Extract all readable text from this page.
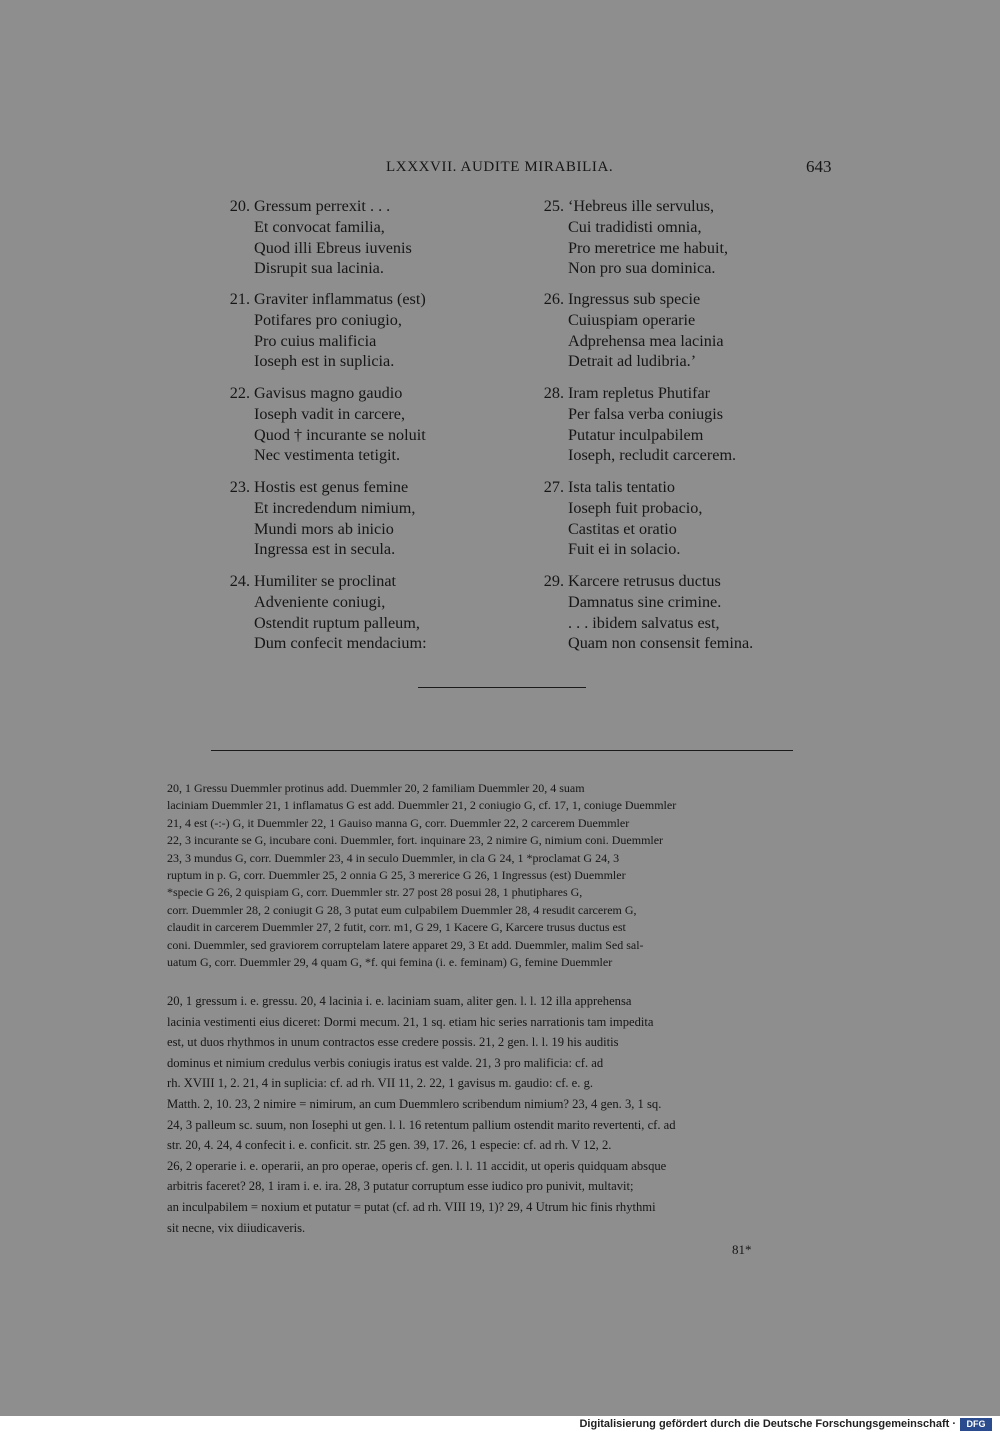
LXXXVII. AUDITE MIRABILIA.	643
20. Gressum perrexit . . .
Et convocat familia,
Quod illi Ebreus iuvenis
Disrupit sua lacinia.
21. Graviter inflammatus (est)
Potifares pro coniugio,
Pro cuius malificia
Ioseph est in suplicia.
22. Gavisus magno gaudio
Ioseph vadit in carcere,
Quod † incurante se noluit
Nec vestimenta tetigit.
23. Hostis est genus femine
Et incredendum nimium,
Mundi mors ab inicio
Ingressa est in secula.
24. Humiliter se proclinat
Adveniente coniugi,
Ostendit ruptum palleum,
Dum confecit mendacium:
25. ‘Hebreus ille servulus,
Cui tradidisti omnia,
Pro meretrice me habuit,
Non pro sua dominica.
26. Ingressus sub specie
Cuiuspiam operarie
Adprehensa mea lacinia
Detrait ad ludibria.’
28. Iram repletus Phutifar
Per falsa verba coniugis
Putatur inculpabilem
Ioseph, recludit carcerem.
27. Ista talis tentatio
Ioseph fuit probacio,
Castitas et oratio
Fuit ei in solacio.
29. Karcere retrusus ductus
Damnatus sine crimine.
. . . ibidem salvatus est,
Quam non consensit femina.
20, 1 Gressu Duemmler protinus add. Duemmler 20, 2 familiam Duemmler 20, 4 suam
laciniam Duemmler 21, 1 inflamatus G est add. Duemmler 21, 2 coniugio G, cf. 17, 1, coniuge Duemmler
21, 4 est (-:-) G, it Duemmler 22, 1 Gauiso manna G, corr. Duemmler 22, 2 carcerem Duemmler
22, 3 incurante se G, incubare coni. Duemmler, fort. inquinare 23, 2 nimire G, nimium coni. Duemmler
23, 3 mundus G, corr. Duemmler 23, 4 in seculo Duemmler, in cla G 24, 1 *proclamat G 24, 3
ruptum in p. G, corr. Duemmler 25, 2 onnia G 25, 3 mererice G 26, 1 Ingressus (est) Duemmler
*specie G 26, 2 quispiam G, corr. Duemmler str. 27 post 28 posui 28, 1 phutiphares G,
corr. Duemmler 28, 2 coniugit G 28, 3 putat eum culpabilem Duemmler 28, 4 resudit carcerem G,
claudit in carcerem Duemmler 27, 2 futit, corr. m1, G 29, 1 Kacere G, Karcere trusus ductus est
coni. Duemmler, sed graviorem corruptelam latere apparet 29, 3 Et add. Duemmler, malim Sed sal-
uatum G, corr. Duemmler 29, 4 quam G, *f. qui femina (i. e. feminam) G, femine Duemmler
20, 1 gressum i. e. gressu. 20, 4 lacinia i. e. laciniam suam, aliter gen. l. l. 12 illa apprehensa
lacinia vestimenti eius diceret: Dormi mecum. 21, 1 sq. etiam hic series narrationis tam impedita
est, ut duos rhythmos in unum contractos esse credere possis. 21, 2 gen. l. l. 19 his auditis
dominus et nimium credulus verbis coniugis iratus est valde. 21, 3 pro malificia: cf. ad
rh. XVIII 1, 2. 21, 4 in suplicia: cf. ad rh. VII 11, 2. 22, 1 gavisus m. gaudio: cf. e. g.
Matth. 2, 10. 23, 2 nimire = nimirum, an cum Duemmlero scribendum nimium? 23, 4 gen. 3, 1 sq.
24, 3 palleum sc. suum, non Iosephi ut gen. l. l. 16 retentum pallium ostendit marito revertenti, cf. ad
str. 20, 4. 24, 4 confecit i. e. conficit. str. 25 gen. 39, 17. 26, 1 especie: cf. ad rh. V 12, 2.
26, 2 operarie i. e. operarii, an pro operae, operis cf. gen. l. l. 11 accidit, ut operis quidquam absque
arbitris faceret? 28, 1 iram i. e. ira. 28, 3 putatur corruptum esse iudico pro punivit, multavit;
an inculpabilem = noxium et putatur = putat (cf. ad rh. VIII 19, 1)? 29, 4 Utrum hic finis rhythmi
sit necne, vix diiudicaveris.
81*
Digitalisierung gefördert durch die Deutsche Forschungsgemeinschaft ·	DFG
